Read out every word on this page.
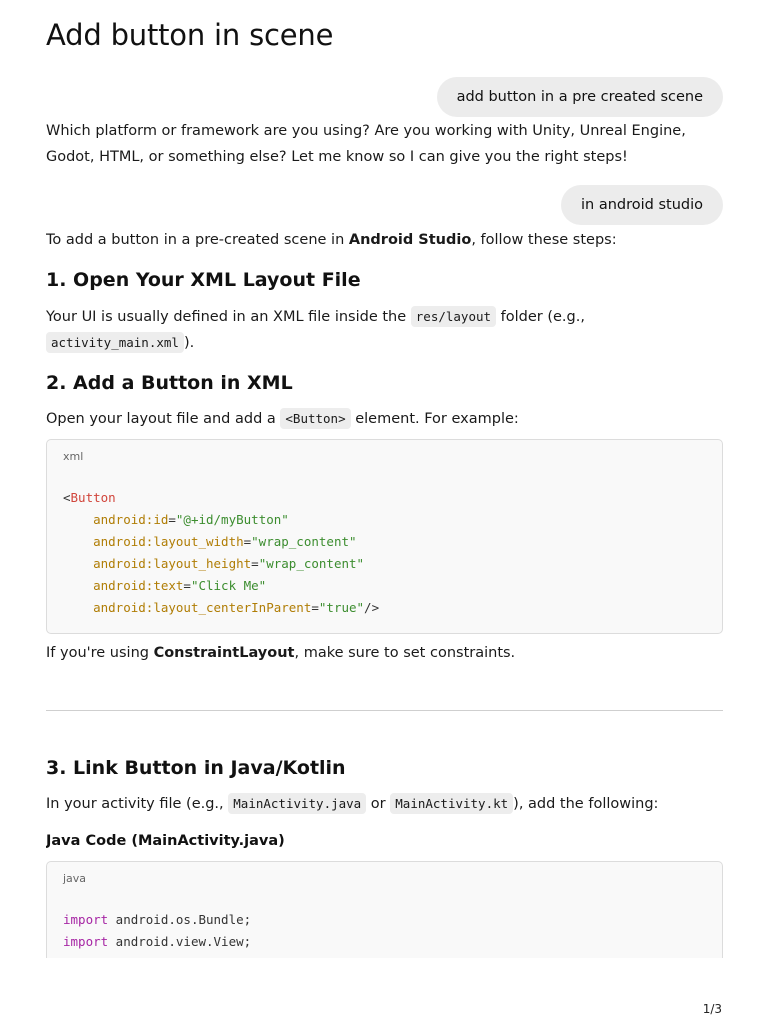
Add button in scene
add button in a pre created scene

Which platform or framework are you using? Are you working with Unity, Unreal Engine, Godot, HTML, or something else? Let me know so I can give you the right steps!

in android studio

To add a button in a pre-created scene in Android Studio, follow these steps:

1. Open Your XML Layout File

Your UI is usually defined in an XML file inside the res/layout folder (e.g.,
activity_main.xml ).

2. Add a Button in XML

Open your layout file and add a <Button> element. For example:

xml
<Button
android:id="@+id/myButton"
android:layout_width="wrap_content"
android:layout_height="wrap_content"
android:text="Click Me"
android:layout_centerInParent="true"/>

If you're using ConstraintLayout, make sure to set constraints.

3. Link Button in Java/Kotlin

In your activity file (e.g., MainActivity.java or MainActivity.kt ), add the following:

Java Code (MainActivity.java)
java
import android.os.Bundle;
import android.view.View;
1/3
